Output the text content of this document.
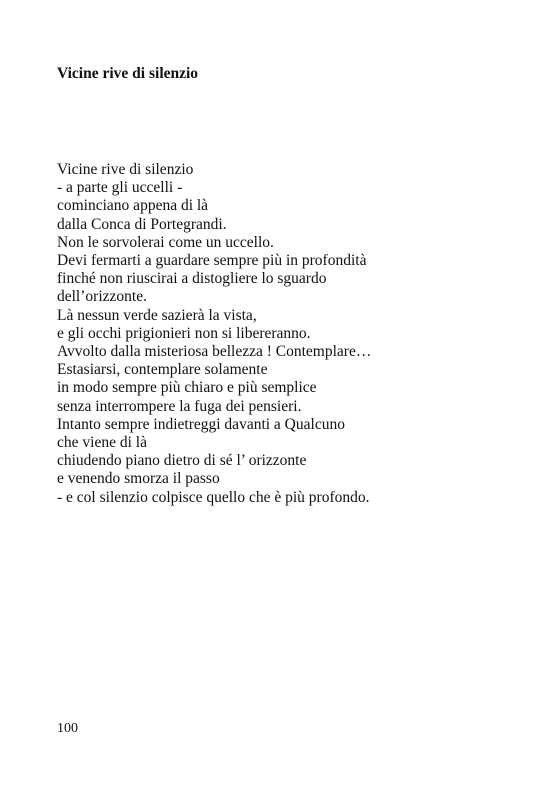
Vicine rive di silenzio
Vicine rive di silenzio
- a parte gli uccelli -
cominciano appena di là
dalla Conca di Portegrandi.
Non le sorvolerai come un uccello.
Devi fermarti a guardare sempre più in profondità
finché non riuscirai a distogliere lo sguardo
dell’orizzonte.
Là nessun verde sazierà la vista,
e gli occhi prigionieri non si libereranno.
Avvolto dalla misteriosa bellezza ! Contemplare…
Estasiarsi, contemplare solamente
in modo sempre più chiaro e più semplice
senza interrompere la fuga dei pensieri.
Intanto sempre indietreggi davanti a Qualcuno
che viene di là
chiudendo piano dietro di sé l’ orizzonte
e venendo smorza il passo
- e col silenzio colpisce quello che è più profondo.
100
